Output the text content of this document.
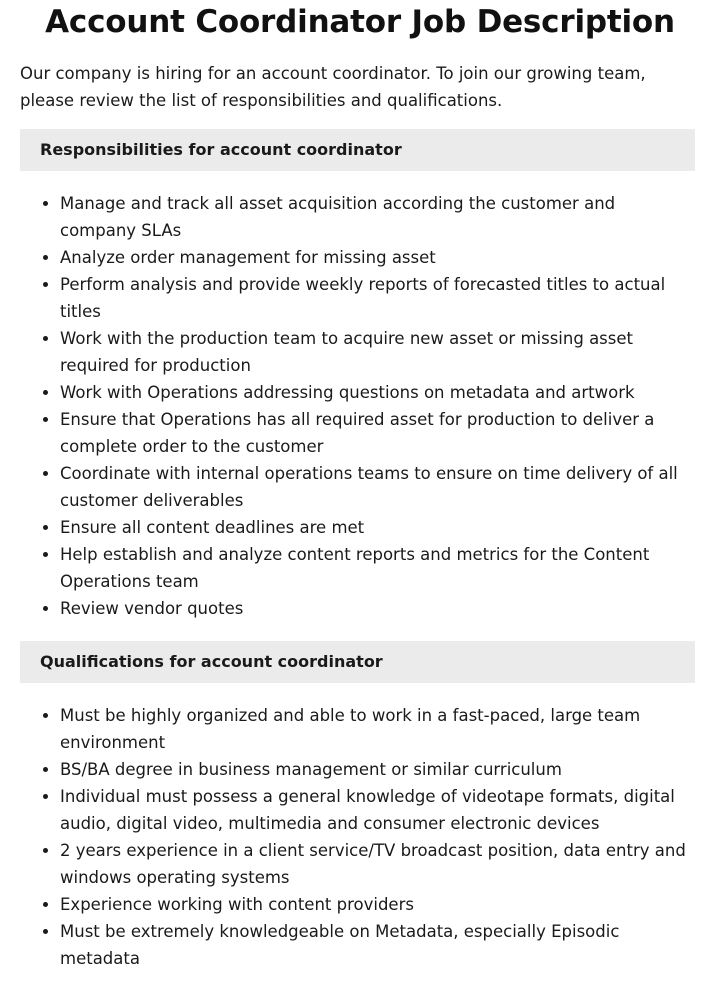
Account Coordinator Job Description

Our company is hiring for an account coordinator. To join our growing team, please review the list of responsibilities and qualifications.

Responsibilities for account coordinator
• Manage and track all asset acquisition according the customer and company SLAs
• Analyze order management for missing asset
• Perform analysis and provide weekly reports of forecasted titles to actual titles
• Work with the production team to acquire new asset or missing asset required for production
• Work with Operations addressing questions on metadata and artwork
• Ensure that Operations has all required asset for production to deliver a complete order to the customer
• Coordinate with internal operations teams to ensure on time delivery of all customer deliverables
• Ensure all content deadlines are met
• Help establish and analyze content reports and metrics for the Content Operations team
• Review vendor quotes
Qualifications for account coordinator
• Must be highly organized and able to work in a fast-paced, large team environment
• BS/BA degree in business management or similar curriculum
• Individual must possess a general knowledge of videotape formats, digital audio, digital video, multimedia and consumer electronic devices
• 2 years experience in a client service/TV broadcast position, data entry and windows operating systems
• Experience working with content providers
• Must be extremely knowledgeable on Metadata, especially Episodic metadata
